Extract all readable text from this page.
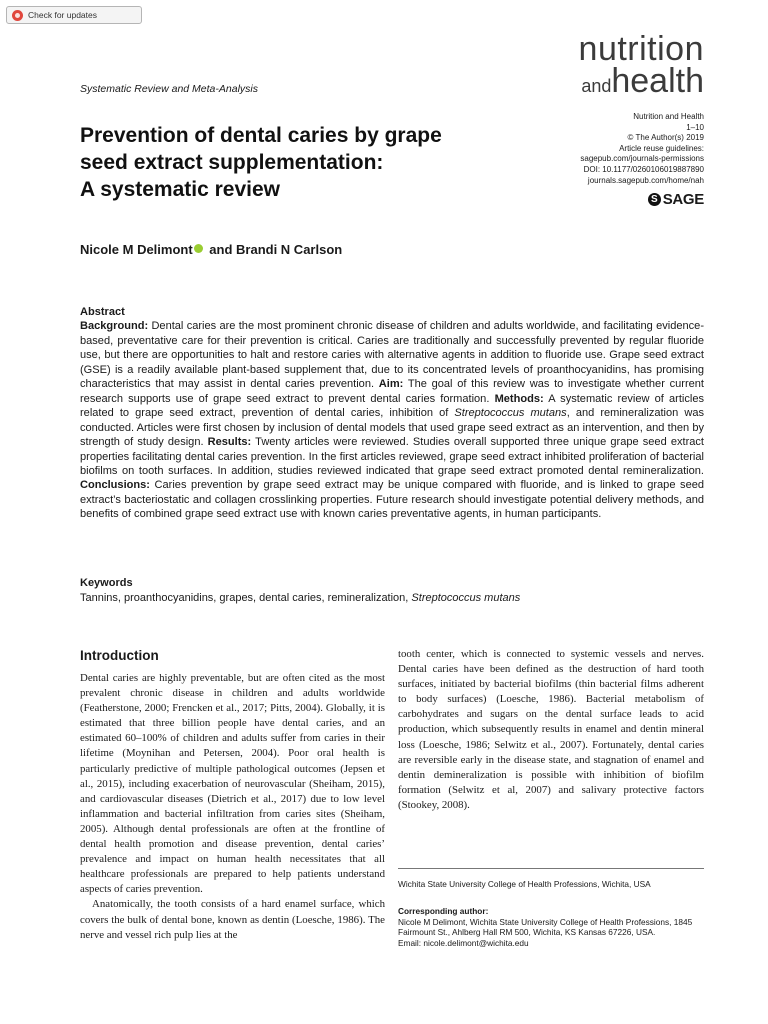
Check for updates
nutrition
andhealth
Systematic Review and Meta-Analysis
Prevention of dental caries by grape
seed extract supplementation:
A systematic review
Nutrition and Health
1–10
© The Author(s) 2019
Article reuse guidelines:
sagepub.com/journals-permissions
DOI: 10.1177/0260106019887890
journals.sagepub.com/home/nah
S SAGE
Nicole M Delimont and Brandi N Carlson
Abstract
Background: Dental caries are the most prominent chronic disease of children and adults worldwide, and facilitating evidence-based, preventative care for their prevention is critical. Caries are traditionally and successfully prevented by regular fluoride use, but there are opportunities to halt and restore caries with alternative agents in addition to fluoride use. Grape seed extract (GSE) is a readily available plant-based supplement that, due to its concentrated levels of proanthocyanidins, has promising characteristics that may assist in dental caries prevention. Aim: The goal of this review was to investigate whether current research supports use of grape seed extract to prevent dental caries formation. Methods: A systematic review of articles related to grape seed extract, prevention of dental caries, inhibition of Streptococcus mutans, and remineralization was conducted. Articles were first chosen by inclusion of dental models that used grape seed extract as an intervention, and then by strength of study design. Results: Twenty articles were reviewed. Studies overall supported three unique grape seed extract properties facilitating dental caries prevention. In the first articles reviewed, grape seed extract inhibited proliferation of bacterial biofilms on tooth surfaces. In addition, studies reviewed indicated that grape seed extract promoted dental remineralization. Conclusions: Caries prevention by grape seed extract may be unique compared with fluoride, and is linked to grape seed extract’s bacteriostatic and collagen crosslinking properties. Future research should investigate potential delivery methods, and benefits of combined grape seed extract use with known caries preventative agents, in human participants.
Keywords
Tannins, proanthocyanidins, grapes, dental caries, remineralization, Streptococcus mutans
Introduction

Dental caries are highly preventable, but are often cited as the most prevalent chronic disease in children and adults worldwide (Featherstone, 2000; Frencken et al., 2017; Pitts, 2004). Globally, it is estimated that three billion people have dental caries, and an estimated 60–100% of children and adults suffer from caries in their lifetime (Moynihan and Petersen, 2004). Poor oral health is particularly predictive of multiple pathological outcomes (Jepsen et al., 2015), including exacerbation of neurovascular (Sheiham, 2015), and cardiovascular diseases (Dietrich et al., 2017) due to low level inflammation and bacterial infiltration from caries sites (Sheiham, 2005). Although dental professionals are often at the frontline of dental health promotion and disease prevention, dental caries’ prevalence and impact on human health necessitates that all healthcare professionals are prepared to help patients understand aspects of caries prevention.

Anatomically, the tooth consists of a hard enamel surface, which covers the bulk of dental bone, known as dentin (Loesche, 1986). The nerve and vessel rich pulp lies at the

tooth center, which is connected to systemic vessels and nerves. Dental caries have been defined as the destruction of hard tooth surfaces, initiated by bacterial biofilms (thin bacterial films adherent to body surfaces) (Loesche, 1986). Bacterial metabolism of carbohydrates and sugars on the dental surface leads to acid production, which subsequently results in enamel and dentin mineral loss (Loesche, 1986; Selwitz et al., 2007). Fortunately, dental caries are reversible early in the disease state, and stagnation of enamel and dentin demineralization is possible with inhibition of biofilm formation (Selwitz et al, 2007) and salivary protective factors (Stookey, 2008).

Wichita State University College of Health Professions, Wichita, USA
Corresponding author:
Nicole M Delimont, Wichita State University College of Health Professions, 1845 Fairmount St., Ahlberg Hall RM 500, Wichita, KS Kansas 67226, USA.
Email: nicole.delimont@wichita.edu
